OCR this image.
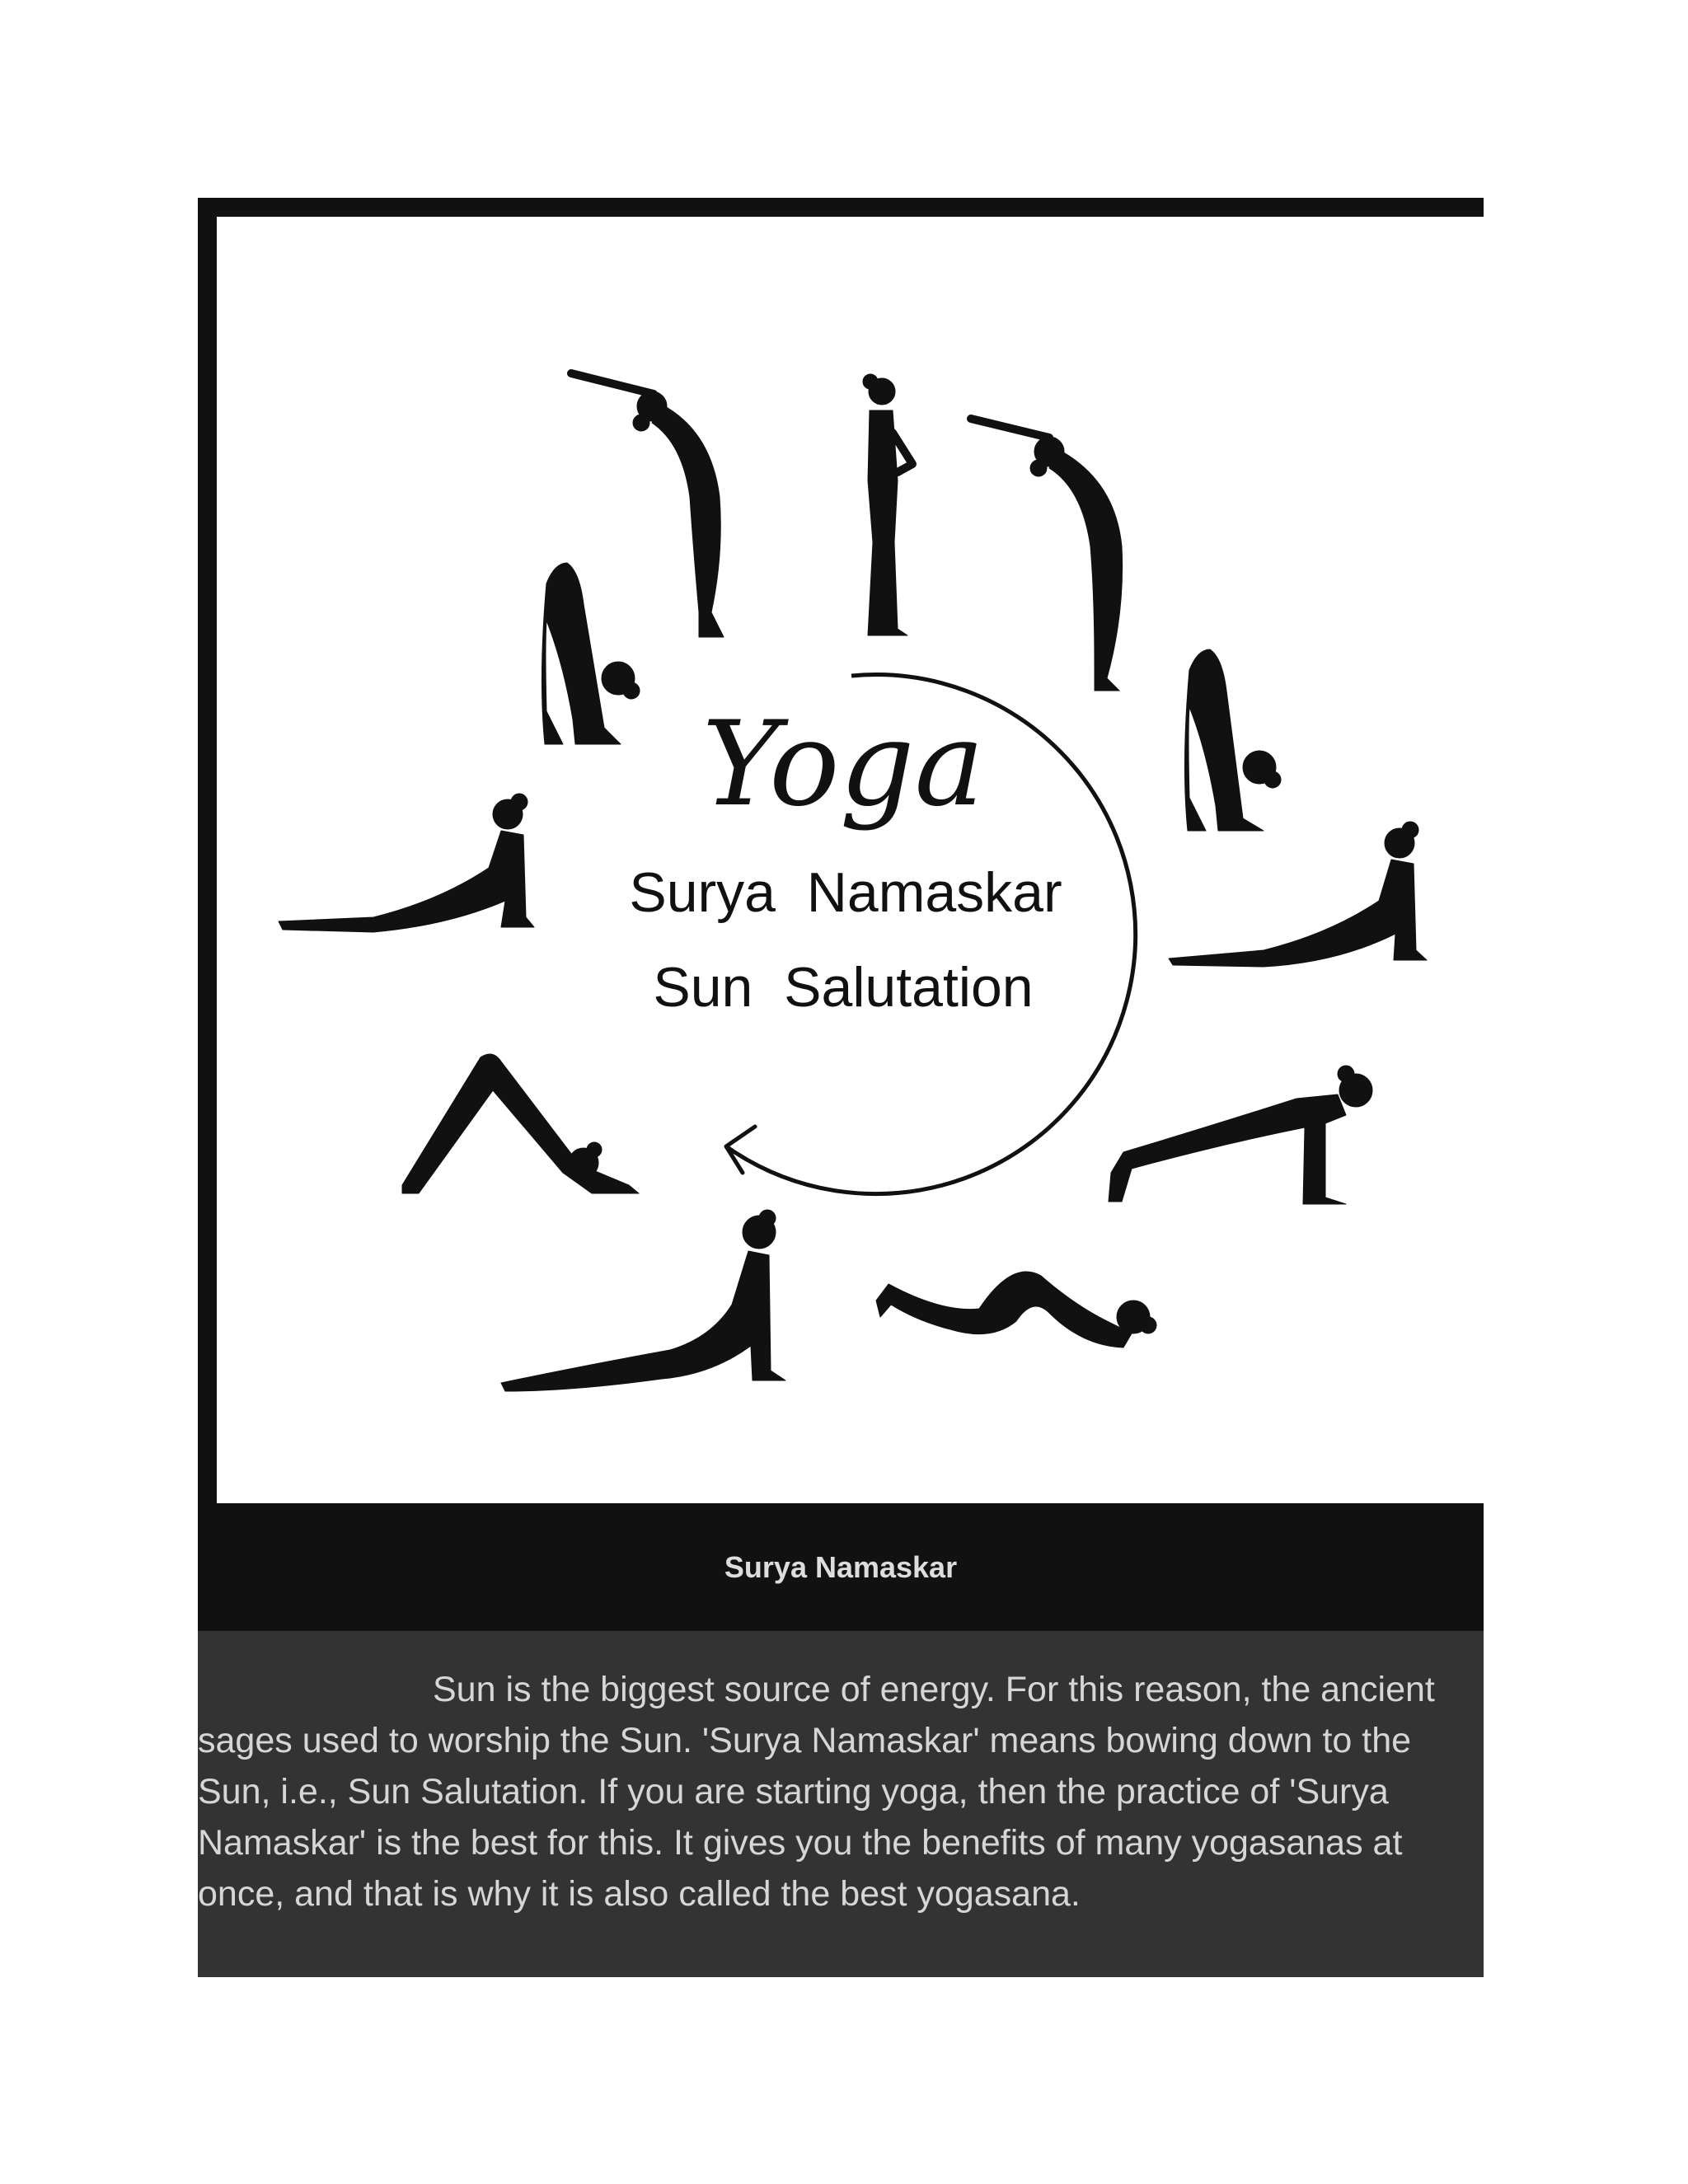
Yoga
Surya  Namaskar
Sun  Salutation
Surya Namaskar

Sun is the biggest source of energy. For this reason, the ancient sages used to worship the Sun. 'Surya Namaskar' means bowing down to the Sun, i.e., Sun Salutation. If you are starting yoga, then the practice of 'Surya Namaskar' is the best for this. It gives you the benefits of many yogasanas at once, and that is why it is also called the best yogasana.
